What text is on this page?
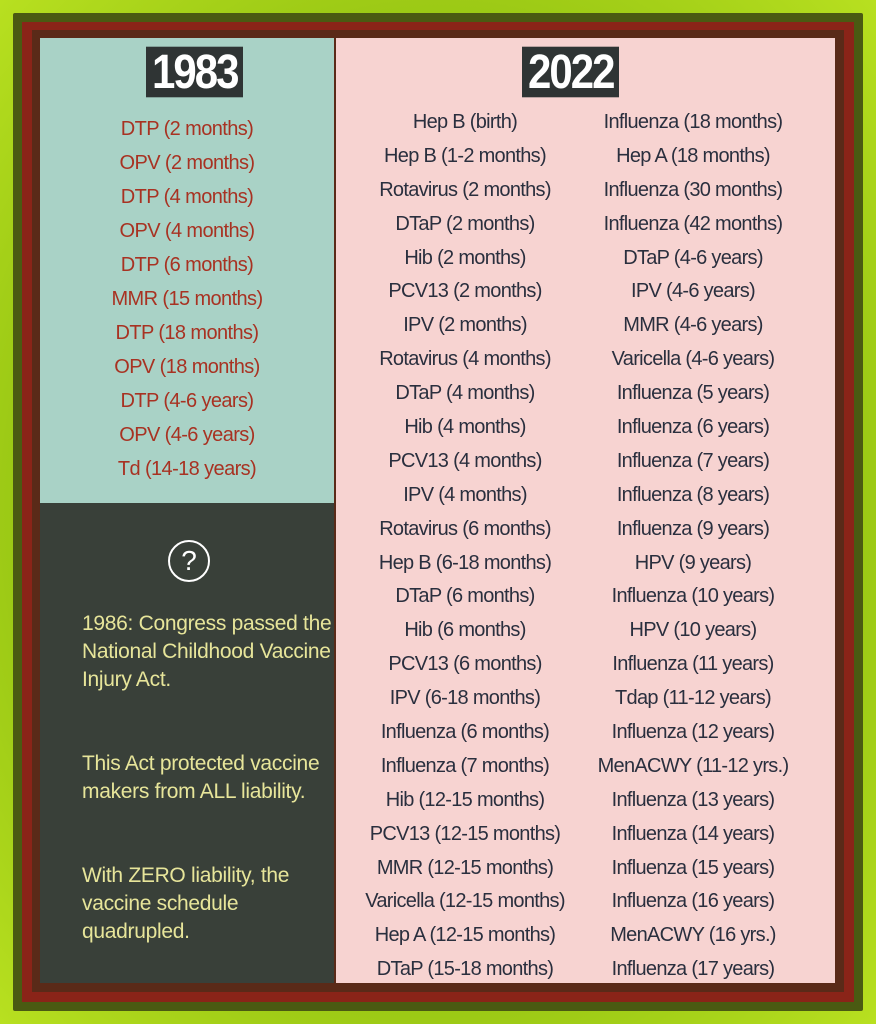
1983	2022
DTP (2 months)
OPV (2 months)
DTP (4 months)
OPV (4 months)
DTP (6 months)
MMR (15 months)
DTP (18 months)
OPV (18 months)
DTP (4-6 years)
OPV (4-6 years)
Td (14-18 years)
Hep B (birth)
Hep B (1-2 months)
Rotavirus (2 months)
DTaP (2 months)
Hib (2 months)
PCV13 (2 months)
IPV (2 months)
Rotavirus (4 months)
DTaP (4 months)
Hib (4 months)
PCV13 (4 months)
IPV (4 months)
Rotavirus (6 months)
Hep B (6-18 months)
DTaP (6 months)
Hib (6 months)
PCV13 (6 months)
IPV (6-18 months)
Influenza (6 months)
Influenza (7 months)
Hib (12-15 months)
PCV13 (12-15 months)
MMR (12-15 months)
Varicella (12-15 months)
Hep A (12-15 months)
DTaP (15-18 months)
Influenza (18 months)
Hep A (18 months)
Influenza (30 months)
Influenza (42 months)
DTaP (4-6 years)
IPV (4-6 years)
MMR (4-6 years)
Varicella (4-6 years)
Influenza (5 years)
Influenza (6 years)
Influenza (7 years)
Influenza (8 years)
Influenza (9 years)
HPV (9 years)
Influenza (10 years)
HPV (10 years)
Influenza (11 years)
Tdap (11-12 years)
Influenza (12 years)
MenACWY (11-12 yrs.)
Influenza (13 years)
Influenza (14 years)
Influenza (15 years)
Influenza (16 years)
MenACWY (16 yrs.)
Influenza (17 years)
?

1986: Congress passed the National Childhood Vaccine Injury Act.

This Act protected vaccine makers from ALL liability.

With ZERO liability, the vaccine schedule quadrupled.
